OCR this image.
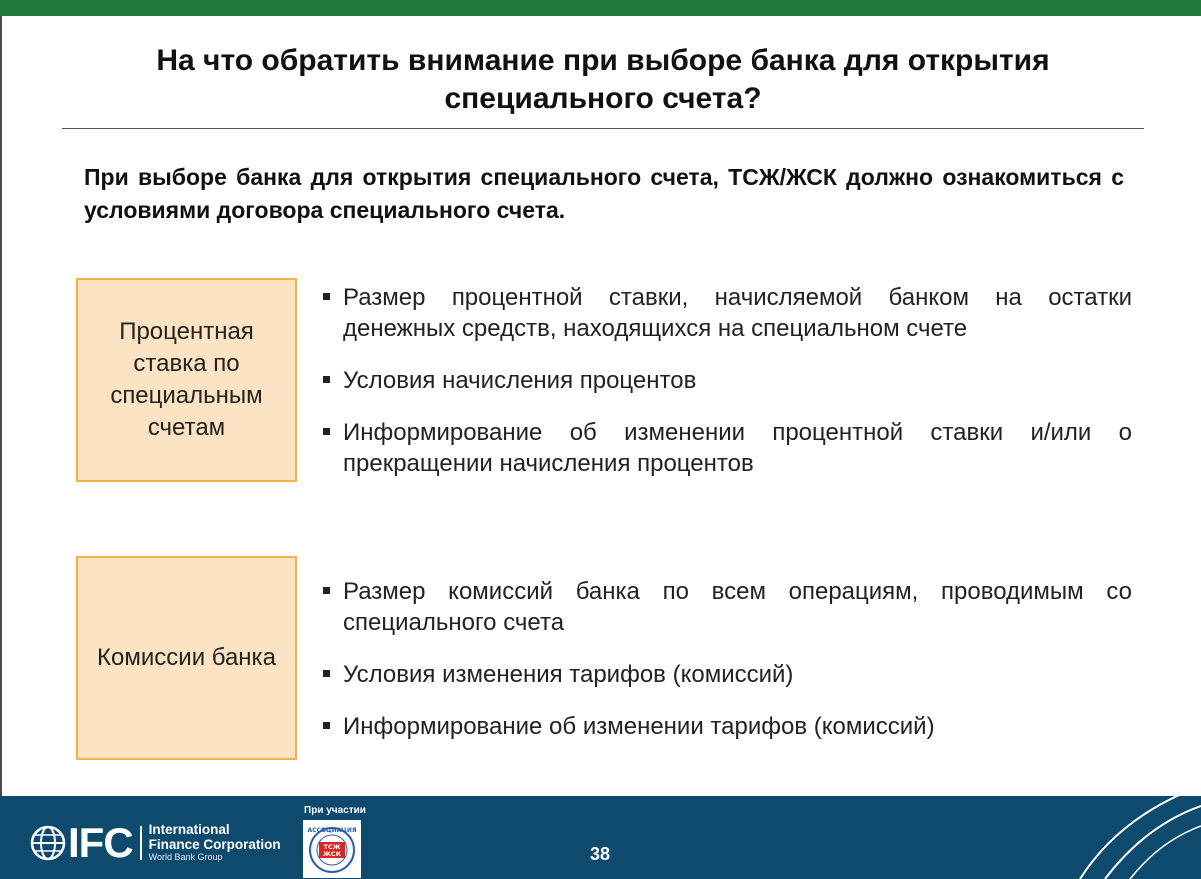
На что обратить внимание при выборе банка для открытия специального счета?

При выборе банка для открытия специального счета, ТСЖ/ЖСК должно ознакомиться с условиями договора специального счета.

Процентная ставка по специальным счетам
Размер процентной ставки, начисляемой банком на остатки денежных средств, находящихся на специальном счете
Условия начисления процентов
Информирование об изменении процентной ставки и/или о прекращении начисления процентов
Комиссии банка
Размер комиссий банка по всем операциям, проводимым со специального счета
Условия изменения тарифов (комиссий)
Информирование об изменении тарифов (комиссий)
IFC International
Finance Corporation
World Bank Group
При участии
АССОЦИАЦИЯ
ТСЖ
ЖСК	38
